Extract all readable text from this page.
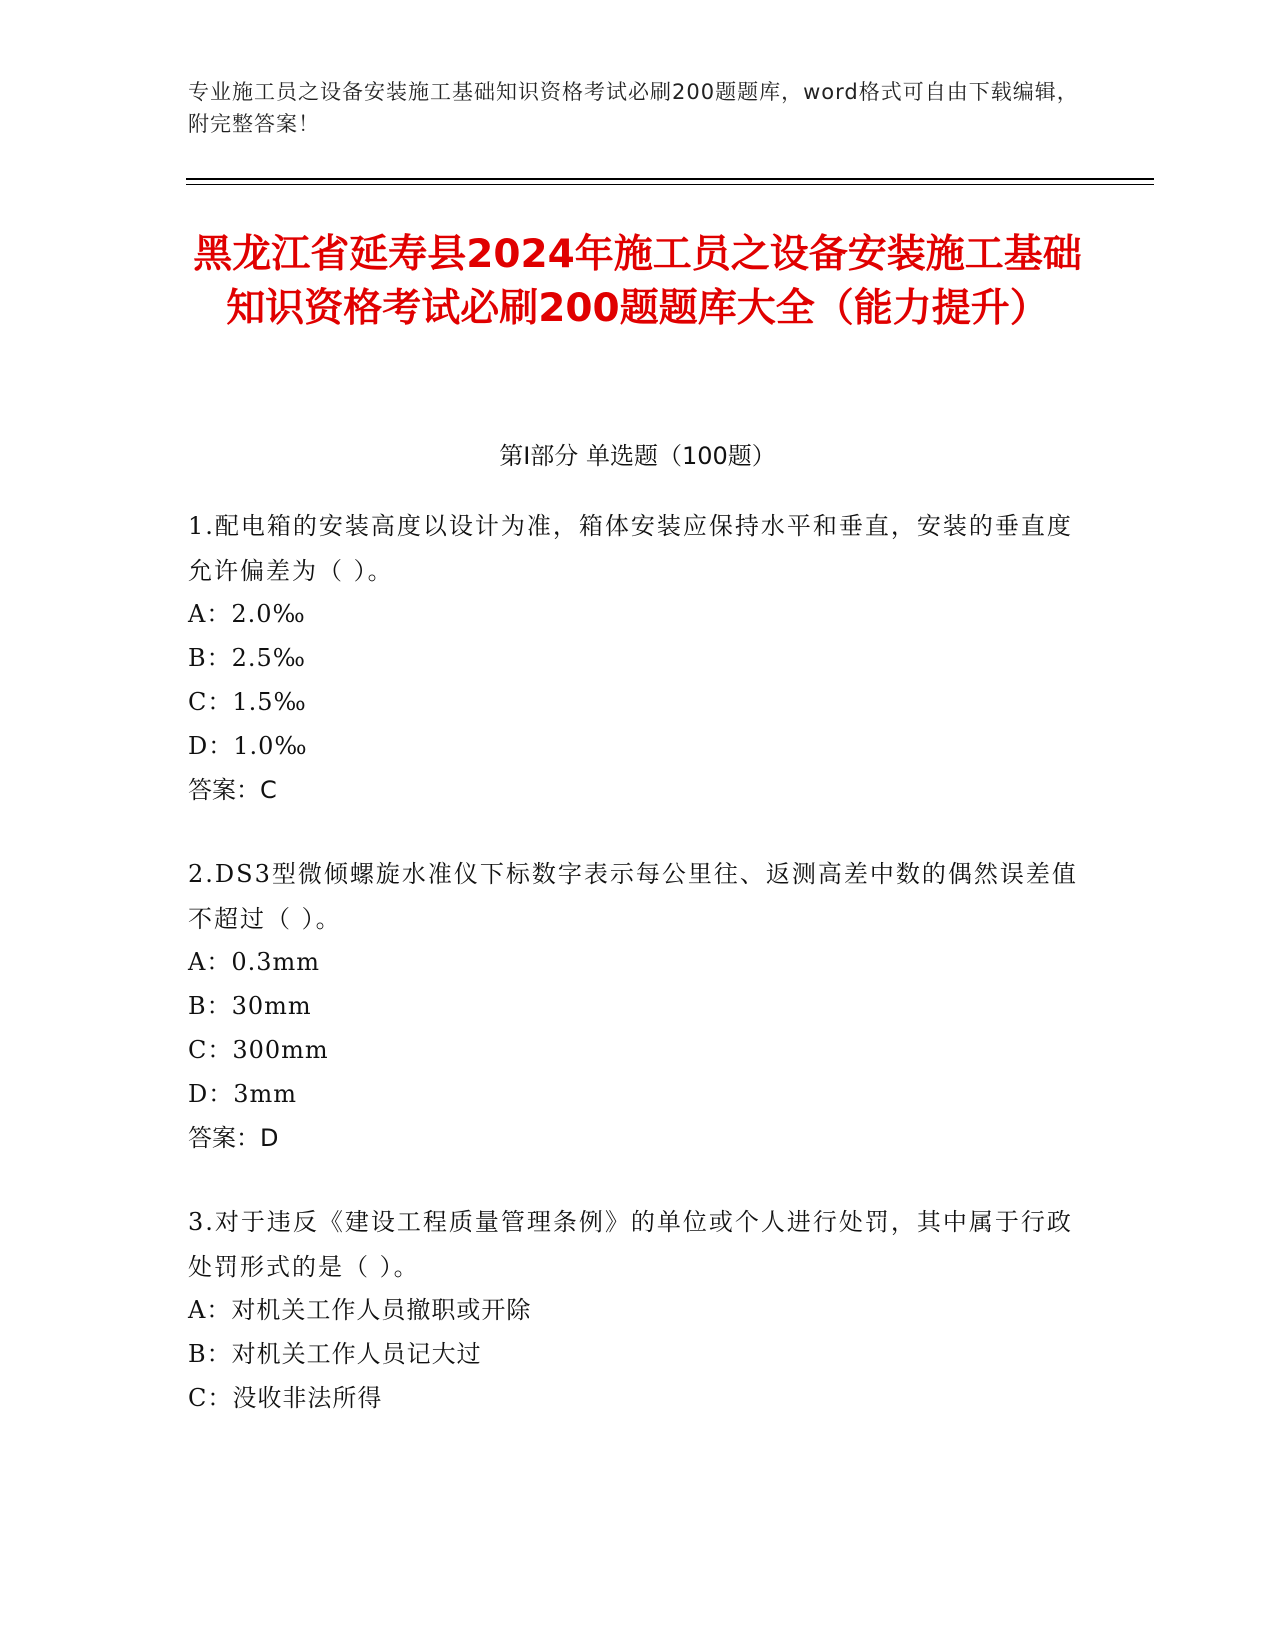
专业施工员之设备安装施工基础知识资格考试必刷200题题库，word格式可自由下载编辑，附完整答案！
黑龙江省延寿县2024年施工员之设备安装施工基础知识资格考试必刷200题题库大全（能力提升）
第Ⅰ部分 单选题（100题）
1.配电箱的安装高度以设计为准，箱体安装应保持水平和垂直，安装的垂直度允许偏差为（ ）。
A：2.0‰
B：2.5‰
C：1.5‰
D：1.0‰
答案：C
2.DS3型微倾螺旋水准仪下标数字表示每公里往、返测高差中数的偶然误差值不超过（ ）。
A：0.3mm
B：30mm
C：300mm
D：3mm
答案：D
3.对于违反《建设工程质量管理条例》的单位或个人进行处罚，其中属于行政处罚形式的是（ ）。
A：对机关工作人员撤职或开除
B：对机关工作人员记大过
C：没收非法所得
